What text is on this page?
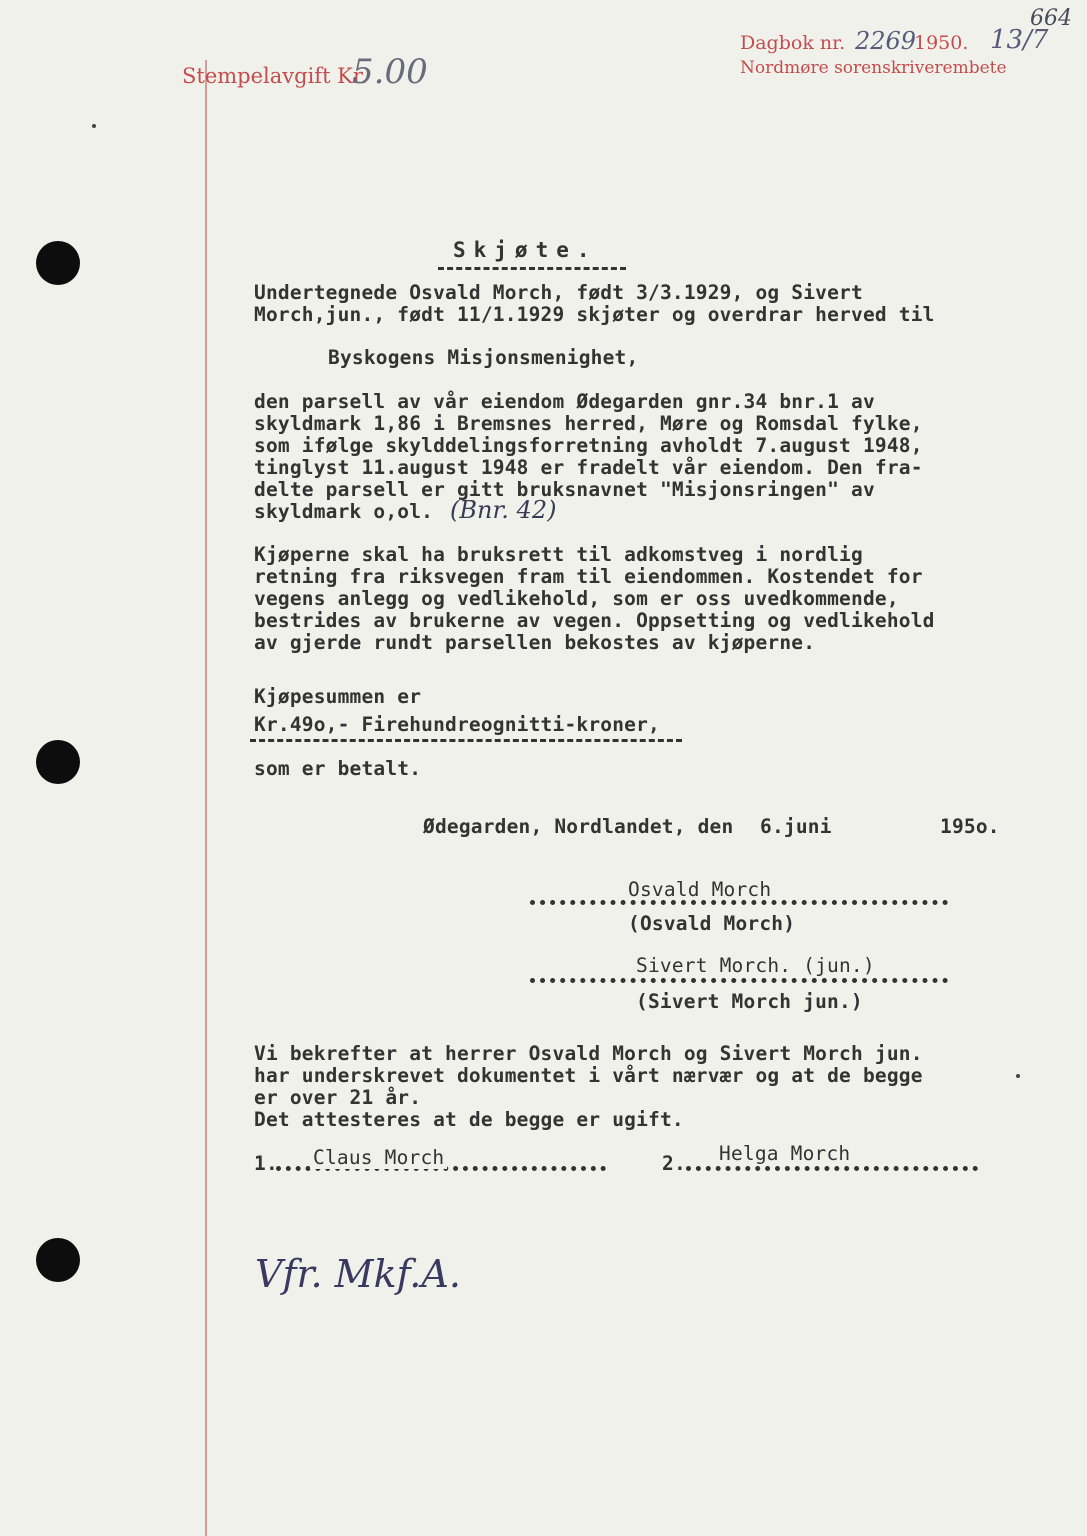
Stempelavgift Kr.
5.00
Dagbok nr. 2269
1950. 13/7
664
Nordmøre sorenskriverembete
Skjøte.
Undertegnede Osvald Morch, født 3/3.1929, og Sivert
Morch,jun., født 11/1.1929 skjøter og overdrar herved til
Byskogens Misjonsmenighet,
den parsell av vår eiendom Ødegarden gnr.34 bnr.1 av
skyldmark 1,86 i Bremsnes herred, Møre og Romsdal fylke,
som ifølge skylddelingsforretning avholdt 7.august 1948,
tinglyst 11.august 1948 er fradelt vår eiendom. Den fra-
delte parsell er gitt bruksnavnet "Misjonsringen" av
skyldmark o,ol. (Bnr. 42)
Kjøperne skal ha bruksrett til adkomstveg i nordlig
retning fra riksvegen fram til eiendommen. Kostendet for
vegens anlegg og vedlikehold, som er oss uvedkommende,
bestrides av brukerne av vegen. Oppsetting og vedlikehold
av gjerde rundt parsellen bekostes av kjøperne.
Kjøpesummen er
Kr.49o,- Firehundreognitti-kroner,
som er betalt.
Ødegarden, Nordlandet, den 6.juni	195o.
Osvald Morch
(Osvald Morch)
Sivert Morch. (jun.)
(Sivert Morch jun.)
Vi bekrefter at herrer Osvald Morch og Sivert Morch jun.
har underskrevet dokumentet i vårt nærvær og at de begge
er over 21 år.
Det attesteres at de begge er ugift.
1. Claus Morch	2. Helga Morch
Vfr. Mkf.A.
